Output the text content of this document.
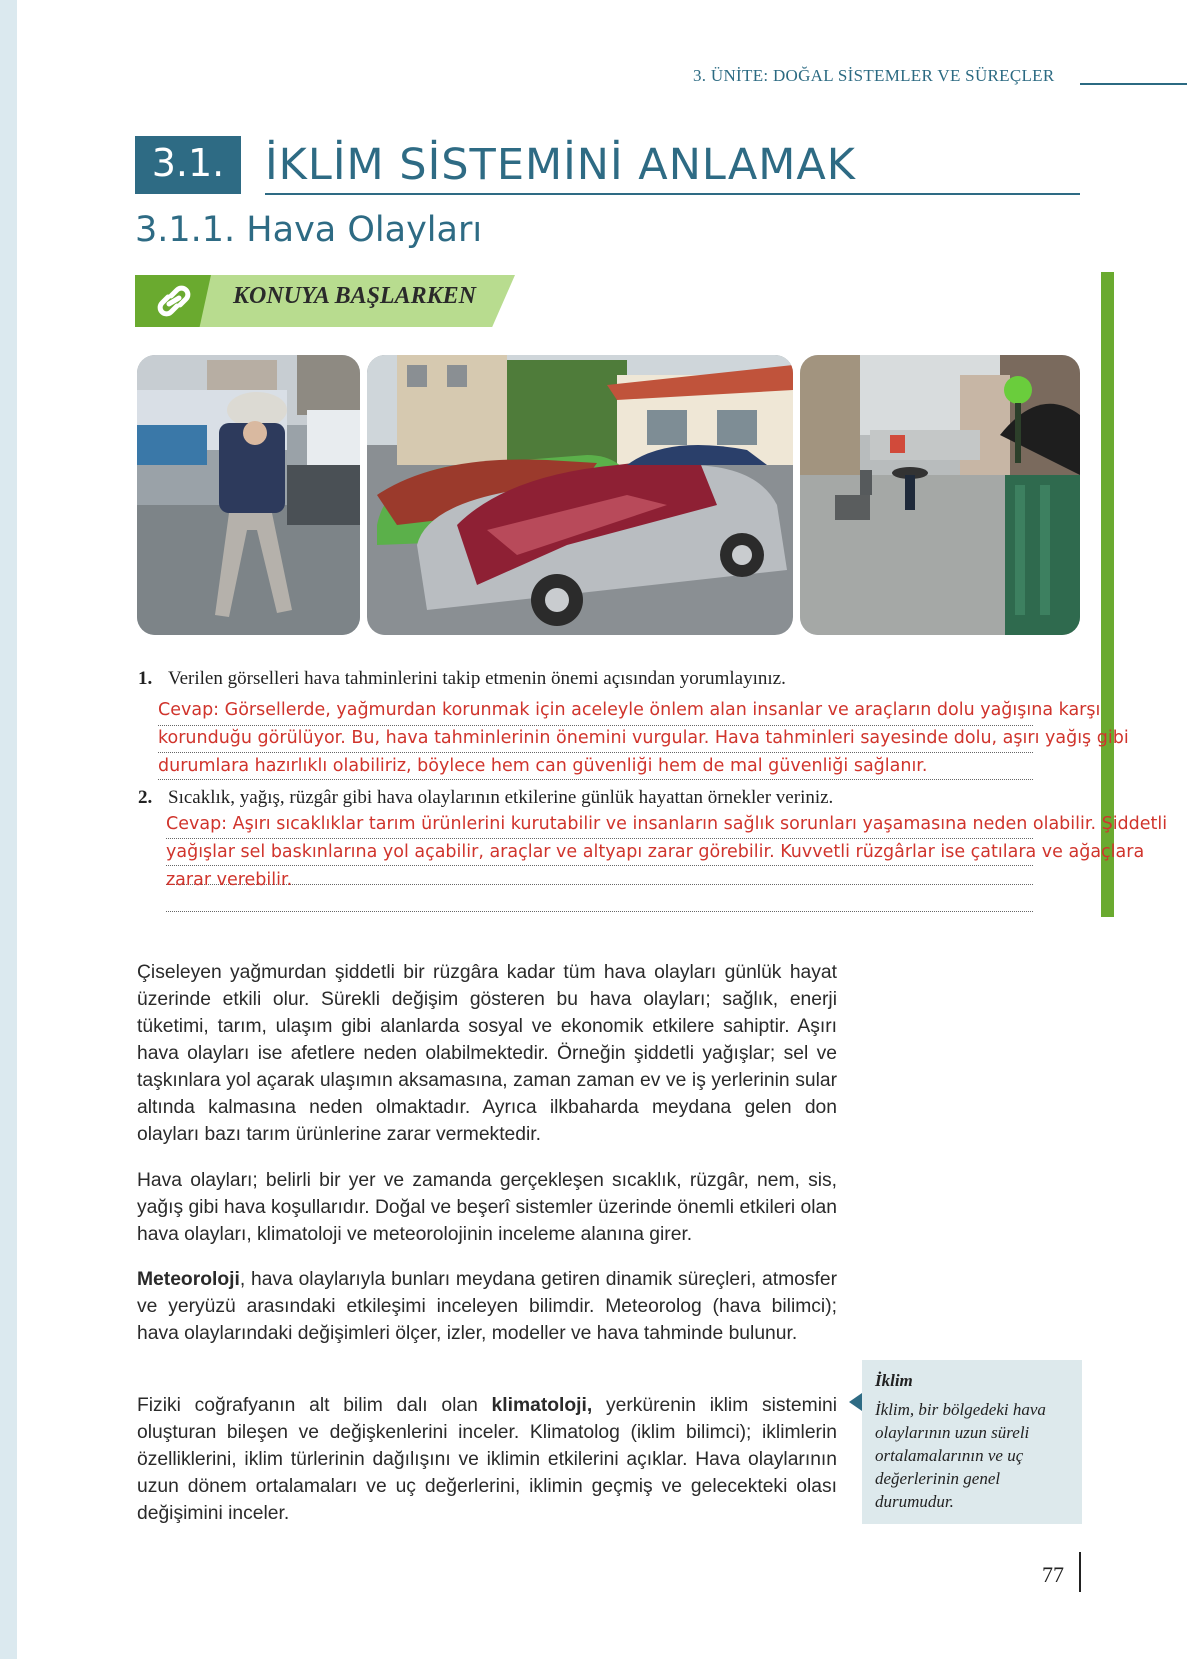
3. ÜNİTE: DOĞAL SİSTEMLER VE SÜREÇLER
3.1. İKLİM SİSTEMİNİ ANLAMAK
3.1.1. Hava Olayları
KONUYA BAŞLARKEN
1. Verilen görselleri hava tahminlerini takip etmenin önemi açısından yorumlayınız.
Cevap: Görsellerde, yağmurdan korunmak için aceleyle önlem alan insanlar ve araçların dolu yağışına karşı korunduğu görülüyor. Bu, hava tahminlerinin önemini vurgular. Hava tahminleri sayesinde dolu, aşırı yağış gibi durumlara hazırlıklı olabiliriz, böylece hem can güvenliği hem de mal güvenliği sağlanır.
2. Sıcaklık, yağış, rüzgâr gibi hava olaylarının etkilerine günlük hayattan örnekler veriniz.
Cevap: Aşırı sıcaklıklar tarım ürünlerini kurutabilir ve insanların sağlık sorunları yaşamasına neden olabilir. Şiddetli yağışlar sel baskınlarına yol açabilir, araçlar ve altyapı zarar görebilir. Kuvvetli rüzgârlar ise çatılara ve ağaçlara zarar verebilir.
Çiseleyen yağmurdan şiddetli bir rüzgâra kadar tüm hava olayları günlük hayat üzerinde etkili olur. Sürekli değişim gösteren bu hava olayları; sağlık, enerji tüketimi, tarım, ulaşım gibi alanlarda sosyal ve ekonomik etkilere sahiptir. Aşırı hava olayları ise afetlere neden olabilmektedir. Örneğin şiddetli yağışlar; sel ve taşkınlara yol açarak ulaşımın aksamasına, zaman zaman ev ve iş yerlerinin sular altında kalmasına neden olmaktadır. Ayrıca ilkbaharda meydana gelen don olayları bazı tarım ürünlerine zarar vermektedir.
Hava olayları; belirli bir yer ve zamanda gerçekleşen sıcaklık, rüzgâr, nem, sis, yağış gibi hava koşullarıdır. Doğal ve beşerî sistemler üzerinde önemli etkileri olan hava olayları, klimatoloji ve meteorolojinin inceleme alanına girer.
Meteoroloji, hava olaylarıyla bunları meydana getiren dinamik süreçleri, atmosfer ve yeryüzü arasındaki etkileşimi inceleyen bilimdir. Meteorolog (hava bilimci); hava olaylarındaki değişimleri ölçer, izler, modeller ve hava tahminde bulunur.
Fiziki coğrafyanın alt bilim dalı olan klimatoloji, yerkürenin iklim sistemini oluşturan bileşen ve değişkenlerini inceler. Klimatolog (iklim bilimci); iklimlerin özelliklerini, iklim türlerinin dağılışını ve iklimin etkilerini açıklar. Hava olaylarının uzun dönem ortalamaları ve uç değerlerini, iklimin geçmiş ve gelecekteki olası değişimini inceler.
İklim
İklim, bir bölgedeki hava olaylarının uzun süreli ortalamalarının ve uç değerlerinin genel durumudur.
77
